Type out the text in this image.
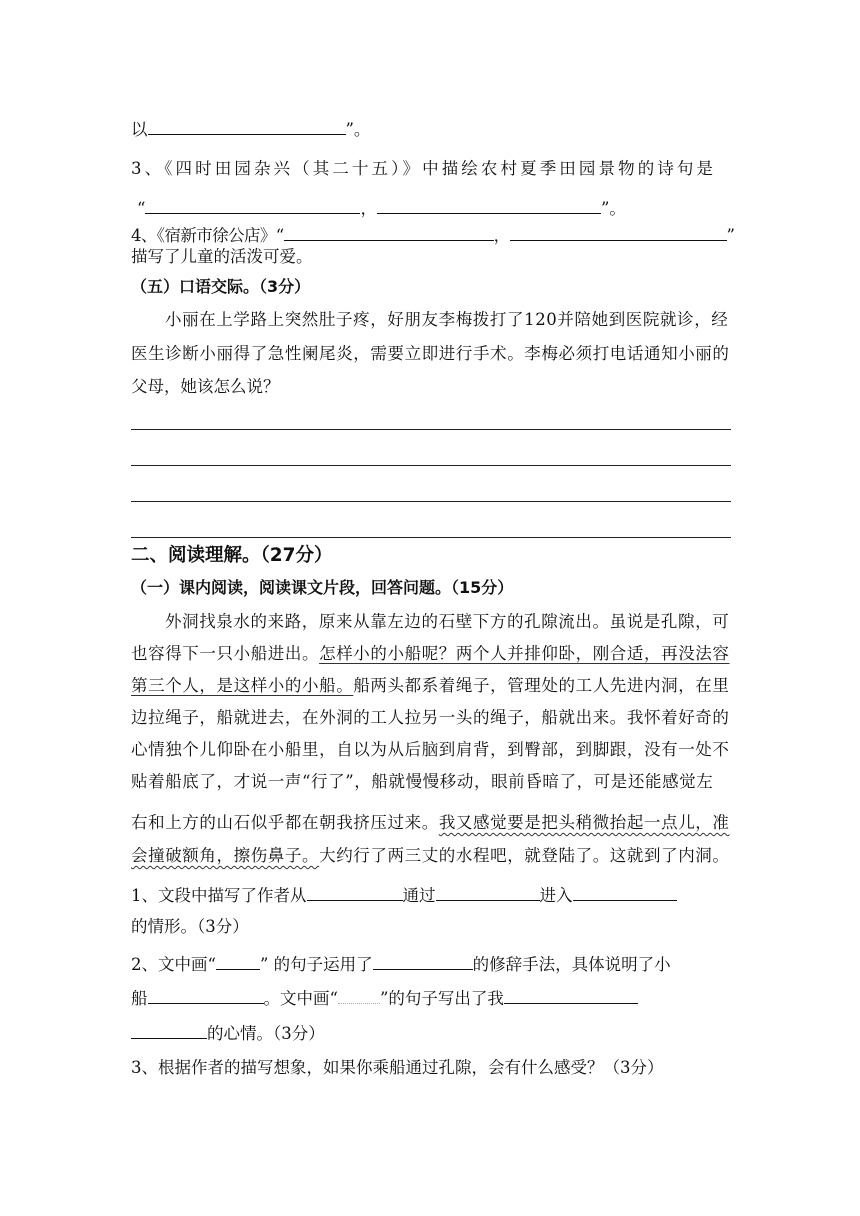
以	”。
3、《四时田园杂兴（其二十五）》中描绘农村夏季田园景物的诗句是
“	，	”。
4、《宿新市徐公店》“	，	”
描写了儿童的活泼可爱。
（五）口语交际。（3分）
小丽在上学路上突然肚子疼，好朋友李梅拨打了120并陪她到医院就诊，经
医生诊断小丽得了急性阑尾炎，需要立即进行手术。李梅必须打电话通知小丽的
父母，她该怎么说？
二、阅读理解。（27分）
（一）课内阅读，阅读课文片段，回答问题。（15分）
外洞找泉水的来路，原来从靠左边的石壁下方的孔隙流出。虽说是孔隙，可
也容得下一只小船进出。怎样小的小船呢？两个人并排仰卧，刚合适，再没法容
第三个人，是这样小的小船。船两头都系着绳子，管理处的工人先进内洞，在里
边拉绳子，船就进去，在外洞的工人拉另一头的绳子，船就出来。我怀着好奇的
心情独个儿仰卧在小船里，自以为从后脑到肩背，到臀部，到脚跟，没有一处不
贴着船底了，才说一声“行了”，船就慢慢移动，眼前昏暗了，可是还能感觉左
右和上方的山石似乎都在朝我挤压过来。我又感觉要是把头稍微抬起一点儿，准
会撞破额角，擦伤鼻子。大约行了两三丈的水程吧，就登陆了。这就到了内洞。
1、文段中描写了作者从	通过	进入
的情形。（3分）
2、文中画“	” 的句子运用了	的修辞手法，具体说明了小
船	。文中画“	”的句子写出了我
的心情。（3分）
3、根据作者的描写想象，如果你乘船通过孔隙，会有什么感受？（3分）
